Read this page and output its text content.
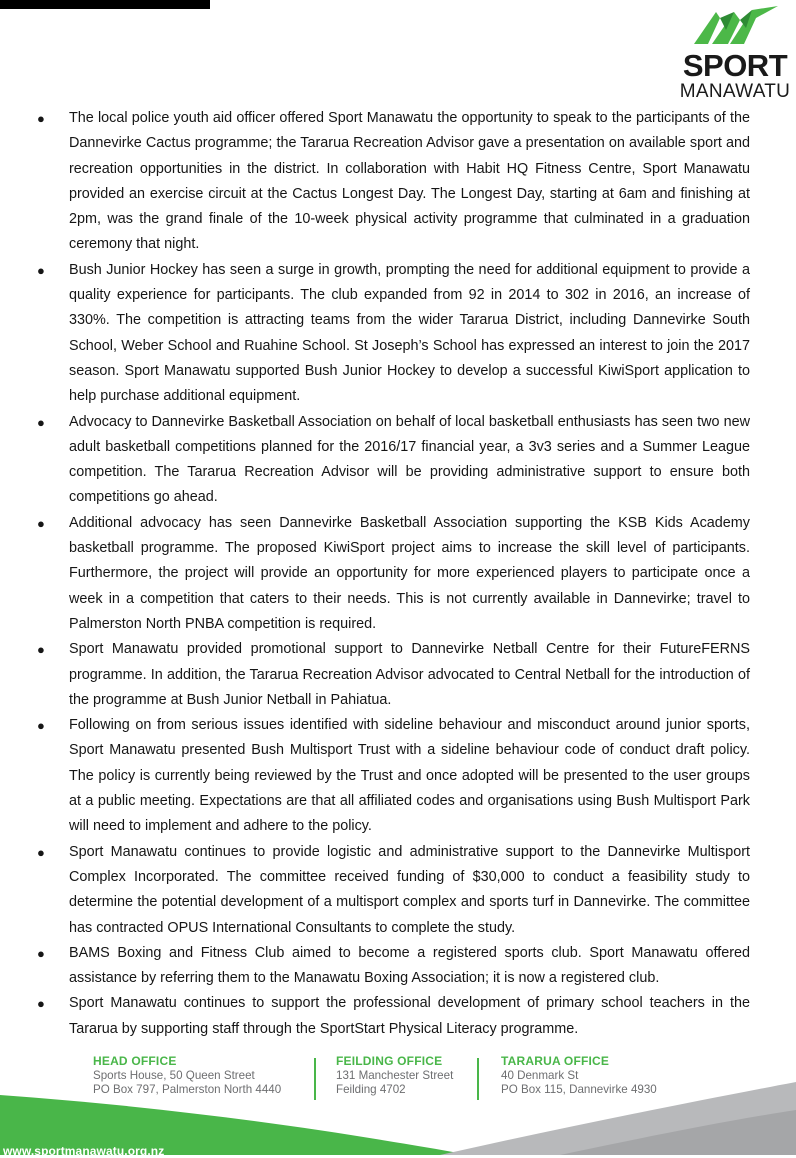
SPORT
MANAWATU
● The local police youth aid officer offered Sport Manawatu the opportunity to speak to the participants of the Dannevirke Cactus programme; the Tararua Recreation Advisor gave a presentation on available sport and recreation opportunities in the district. In collaboration with Habit HQ Fitness Centre, Sport Manawatu provided an exercise circuit at the Cactus Longest Day. The Longest Day, starting at 6am and finishing at 2pm, was the grand finale of the 10-week physical activity programme that culminated in a graduation ceremony that night.
● Bush Junior Hockey has seen a surge in growth, prompting the need for additional equipment to provide a quality experience for participants. The club expanded from 92 in 2014 to 302 in 2016, an increase of 330%. The competition is attracting teams from the wider Tararua District, including Dannevirke South School, Weber School and Ruahine School. St Joseph’s School has expressed an interest to join the 2017 season. Sport Manawatu supported Bush Junior Hockey to develop a successful KiwiSport application to help purchase additional equipment.
● Advocacy to Dannevirke Basketball Association on behalf of local basketball enthusiasts has seen two new adult basketball competitions planned for the 2016/17 financial year, a 3v3 series and a Summer League competition. The Tararua Recreation Advisor will be providing administrative support to ensure both competitions go ahead.
● Additional advocacy has seen Dannevirke Basketball Association supporting the KSB Kids Academy basketball programme. The proposed KiwiSport project aims to increase the skill level of participants. Furthermore, the project will provide an opportunity for more experienced players to participate once a week in a competition that caters to their needs. This is not currently available in Dannevirke; travel to Palmerston North PNBA competition is required.
● Sport Manawatu provided promotional support to Dannevirke Netball Centre for their FutureFERNS programme. In addition, the Tararua Recreation Advisor advocated to Central Netball for the introduction of the programme at Bush Junior Netball in Pahiatua.
● Following on from serious issues identified with sideline behaviour and misconduct around junior sports, Sport Manawatu presented Bush Multisport Trust with a sideline behaviour code of conduct draft policy. The policy is currently being reviewed by the Trust and once adopted will be presented to the user groups at a public meeting. Expectations are that all affiliated codes and organisations using Bush Multisport Park will need to implement and adhere to the policy.
● Sport Manawatu continues to provide logistic and administrative support to the Dannevirke Multisport Complex Incorporated. The committee received funding of $30,000 to conduct a feasibility study to determine the potential development of a multisport complex and sports turf in Dannevirke. The committee has contracted OPUS International Consultants to complete the study.
● BAMS Boxing and Fitness Club aimed to become a registered sports club. Sport Manawatu offered assistance by referring them to the Manawatu Boxing Association; it is now a registered club.
● Sport Manawatu continues to support the professional development of primary school teachers in the Tararua by supporting staff through the SportStart Physical Literacy programme.
HEAD OFFICE
Sports House, 50 Queen Street
PO Box 797, Palmerston North 4440
FEILDING OFFICE
131 Manchester Street
Feilding 4702
TARARUA OFFICE
40 Denmark St
PO Box 115, Dannevirke 4930
www.sportmanawatu.org.nz
